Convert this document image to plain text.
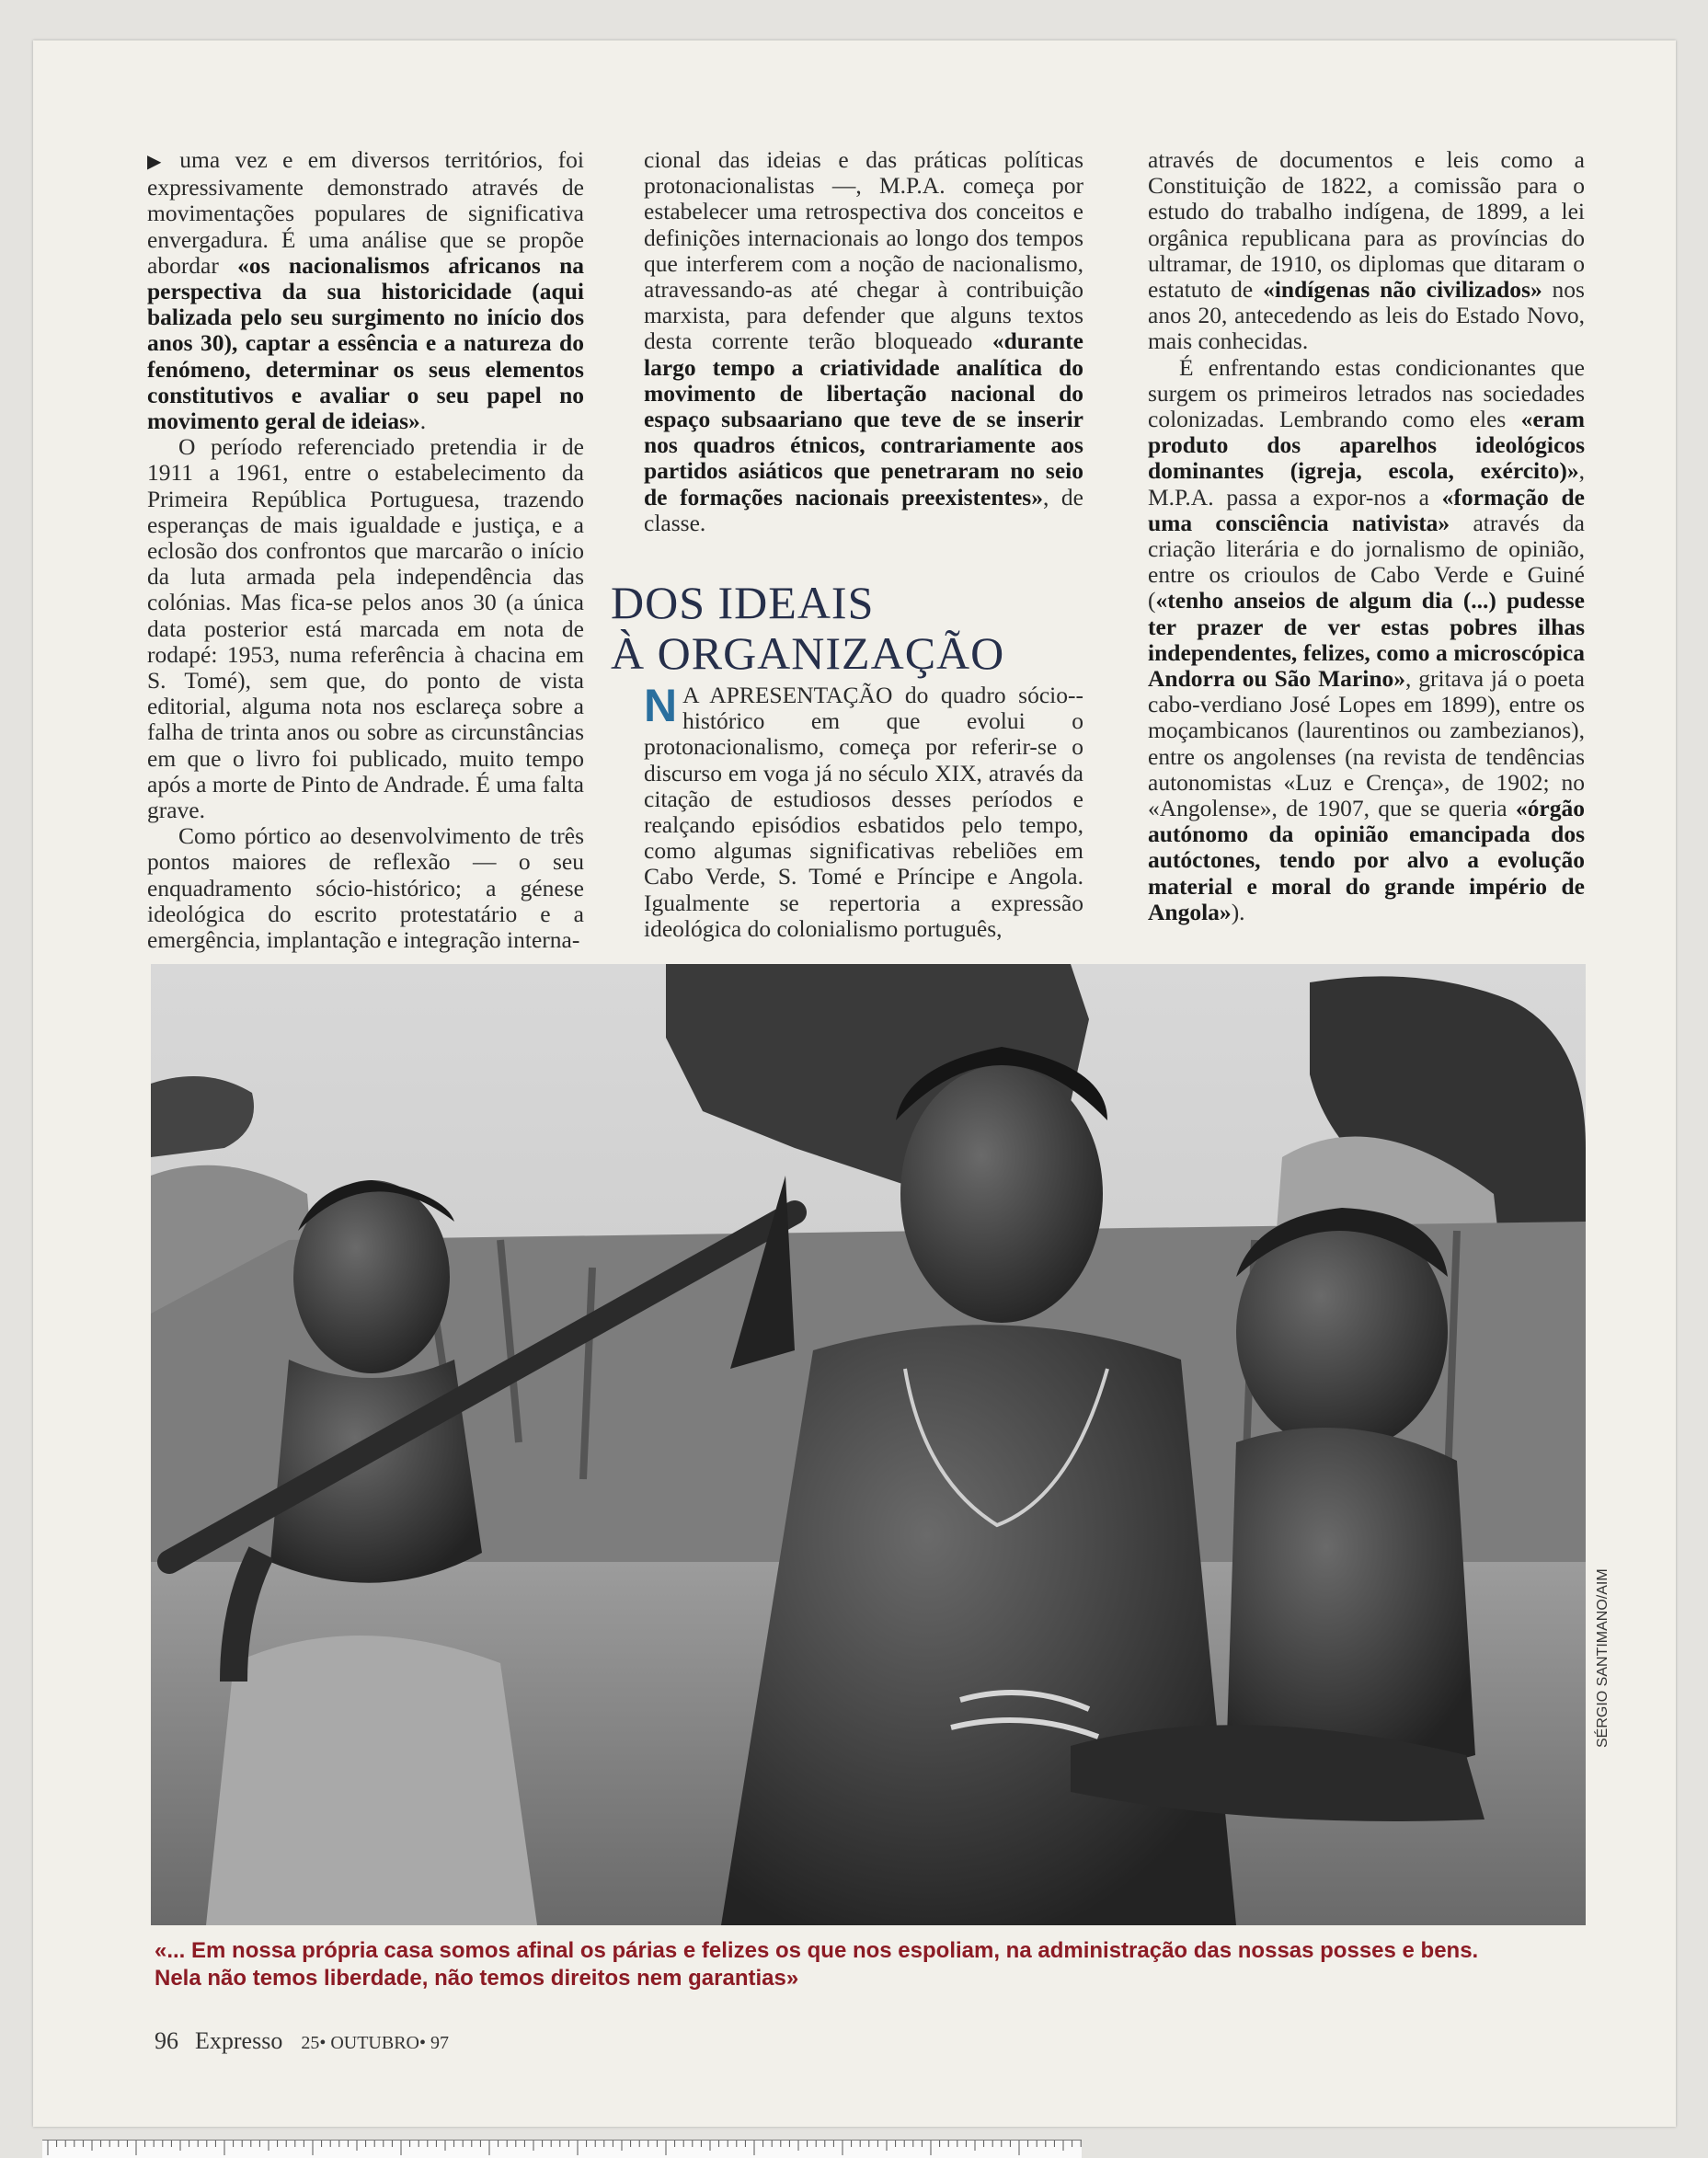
▶ uma vez e em diversos territórios, foi expressivamente demonstrado através de movimentações populares de significativa envergadura. É uma análise que se propõe abordar «os nacionalismos africanos na perspectiva da sua historicidade (aqui balizada pelo seu surgimento no início dos anos 30), captar a essência e a natureza do fenómeno, determinar os seus elementos constitutivos e avaliar o seu papel no movimento geral de ideias».

O período referenciado pretendia ir de 1911 a 1961, entre o estabelecimento da Primeira República Portuguesa, trazendo esperanças de mais igualdade e justiça, e a eclosão dos confrontos que marcarão o início da luta armada pela independência das colónias. Mas fica-se pelos anos 30 (a única data posterior está marcada em nota de rodapé: 1953, numa referência à chacina em S. Tomé), sem que, do ponto de vista editorial, alguma nota nos esclareça sobre a falha de trinta anos ou sobre as circunstâncias em que o livro foi publicado, muito tempo após a morte de Pinto de Andrade. É uma falta grave.

Como pórtico ao desenvolvimento de três pontos maiores de reflexão — o seu enquadramento sócio-histórico; a génese ideológica do escrito protestatário e a emergência, implantação e integração interna-

cional das ideias e das práticas políticas protonacionalistas —, M.P.A. começa por estabelecer uma retrospectiva dos conceitos e definições internacionais ao longo dos tempos que interferem com a noção de nacionalismo, atravessando-as até chegar à contribuição marxista, para defender que alguns textos desta corrente terão bloqueado «durante largo tempo a criatividade analítica do movimento de libertação nacional do espaço subsaariano que teve de se inserir nos quadros étnicos, contrariamente aos partidos asiáticos que penetraram no seio de formações nacionais preexistentes», de classe.

DOS IDEAIS
À ORGANIZAÇÃO

N A APRESENTAÇÃO do quadro sócio--histórico em que evolui o protonacionalismo, começa por referir-se o discurso em voga já no século XIX, através da citação de estudiosos desses períodos e realçando episódios esbatidos pelo tempo, como algumas significativas rebeliões em Cabo Verde, S. Tomé e Príncipe e Angola. Igualmente se repertoria a expressão ideológica do colonialismo português,

através de documentos e leis como a Constituição de 1822, a comissão para o estudo do trabalho indígena, de 1899, a lei orgânica republicana para as províncias do ultramar, de 1910, os diplomas que ditaram o estatuto de «indígenas não civilizados» nos anos 20, antecedendo as leis do Estado Novo, mais conhecidas.

É enfrentando estas condicionantes que surgem os primeiros letrados nas sociedades colonizadas. Lembrando como eles «eram produto dos aparelhos ideológicos dominantes (igreja, escola, exército)», M.P.A. passa a expor-nos a «formação de uma consciência nativista» através da criação literária e do jornalismo de opinião, entre os crioulos de Cabo Verde e Guiné («tenho anseios de algum dia (...) pudesse ter prazer de ver estas pobres ilhas independentes, felizes, como a microscópica Andorra ou São Marino», gritava já o poeta cabo-verdiano José Lopes em 1899), entre os moçambicanos (laurentinos ou zambezianos), entre os angolenses (na revista de tendências autonomistas «Luz e Crença», de 1902; no «Angolense», de 1907, que se queria «órgão autónomo da opinião emancipada dos autóctones, tendo por alvo a evolução material e moral do grande império de Angola»).

SÉRGIO SANTIMANO/AIM
«... Em nossa própria casa somos afinal os párias e felizes os que nos espoliam, na administração das nossas posses e bens.
Nela não temos liberdade, não temos direitos nem garantias»
96 Expresso 25• OUTUBRO• 97
